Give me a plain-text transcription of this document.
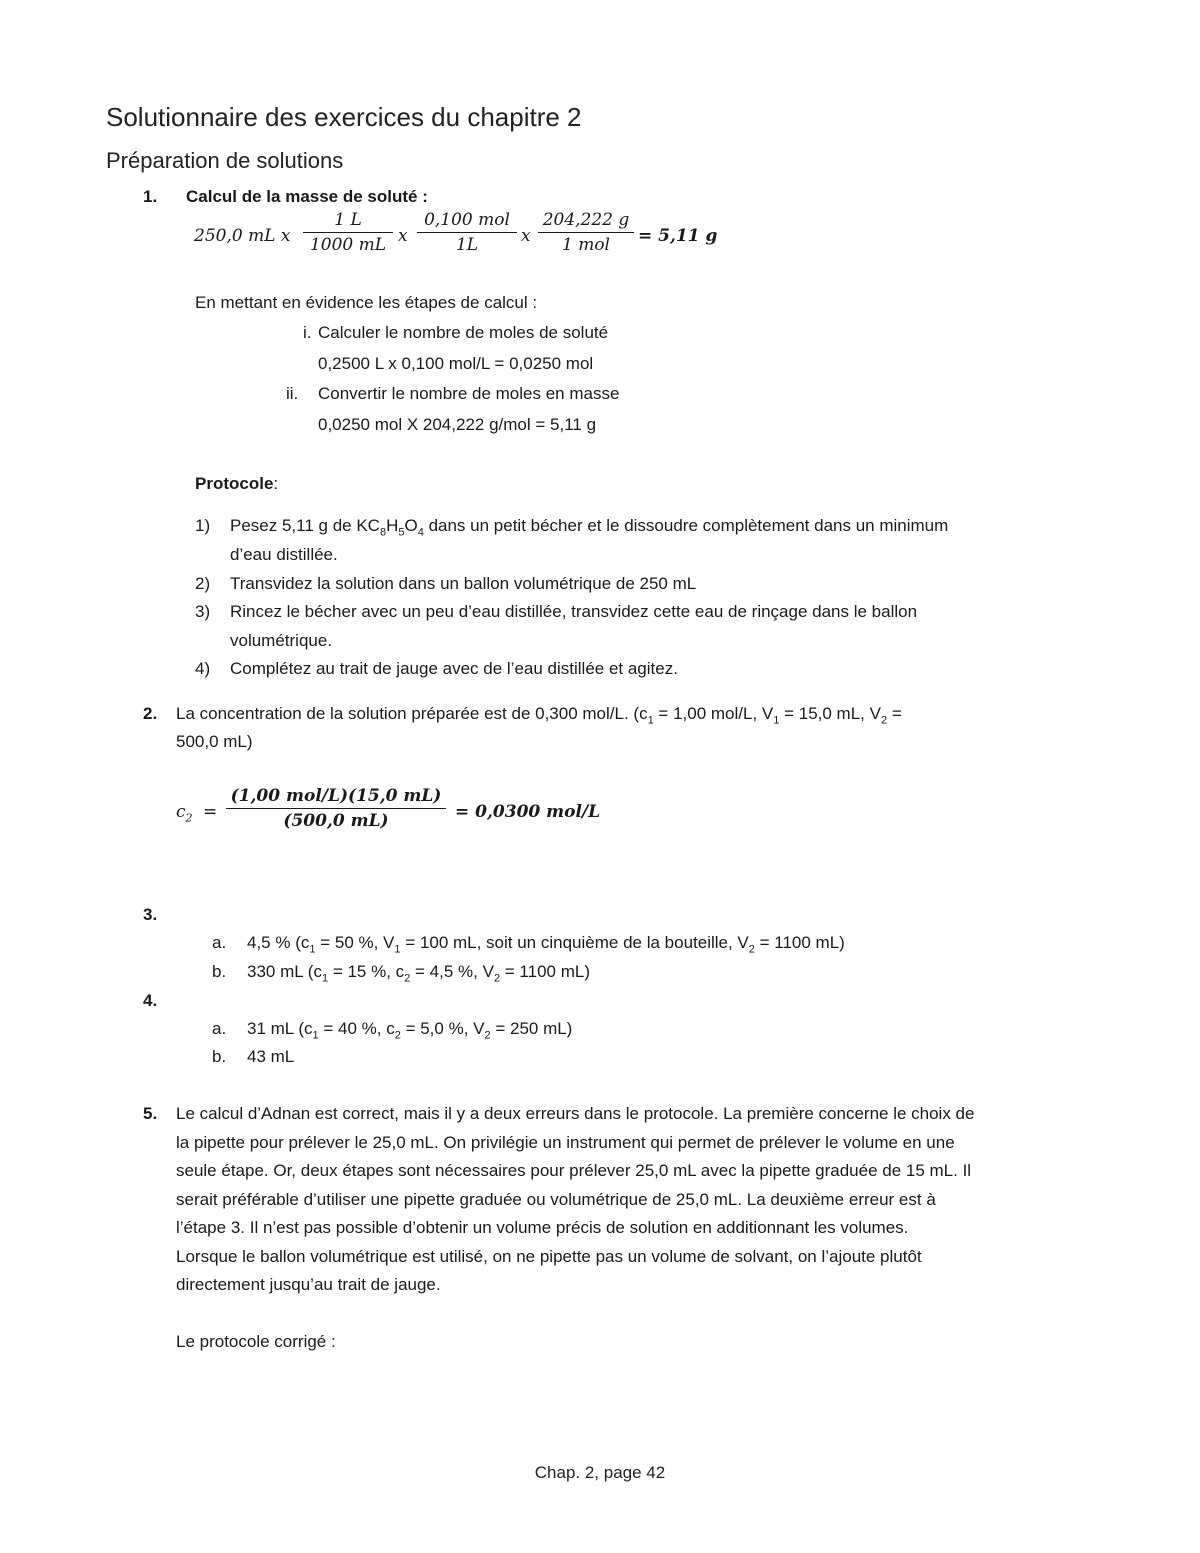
Solutionnaire des exercices du chapitre 2
Préparation de solutions
1. Calcul de la masse de soluté :
250,0 mL x
1 L
1000 mL x
0,100 mol
1L	x
204,222 g
1 mol	= 5,11 g
En mettant en évidence les étapes de calcul :
i. Calculer le nombre de moles de soluté
0,2500 L x 0,100 mol/L = 0,0250 mol
ii. Convertir le nombre de moles en masse
0,0250 mol X 204,222 g/mol = 5,11 g
Protocole:
1) Pesez 5,11 g de $KC_8H_5O_4$ dans un petit bécher et le dissoudre complètement dans un minimum
d’eau distillée.
2) Transvidez la solution dans un ballon volumétrique de 250 mL
3) Rincez le bécher avec un peu d’eau distillée, transvidez cette eau de rinçage dans le ballon
volumétrique.
4) Complétez au trait de jauge avec de l’eau distillée et agitez.
2. La concentration de la solution préparée est de 0,300 mol/L. ($c_1 = 1,00$ mol/L, $V_1 = 15,0$ mL, $V_2$ =
500,0 mL)
$c_2$ =
(1,00 mol/L)(15,0 mL)
(500,0 mL)	= 0,0300 mol/L
3.
a. 4,5 % ($c_1 = 50$ %, $V_1 = 100$ mL, soit un cinquième de la bouteille, $V_2 = 1100$ mL)
b. 330 mL ($c_1 = 15$ %, $c_2 = 4,5$ %, $V_2 = 1100$ mL)
4.
a. 31 mL ($c_1 = 40$ %, $c_2 = 5,0$ %, $V_2 = 250$ mL)
b. 43 mL
5. Le calcul d’Adnan est correct, mais il y a deux erreurs dans le protocole. La première concerne le choix de
la pipette pour prélever le 25,0 mL. On privilégie un instrument qui permet de prélever le volume en une
seule étape. Or, deux étapes sont nécessaires pour prélever 25,0 mL avec la pipette graduée de 15 mL. Il
serait préférable d’utiliser une pipette graduée ou volumétrique de 25,0 mL. La deuxième erreur est à
l’étape 3. Il n’est pas possible d’obtenir un volume précis de solution en additionnant les volumes.
Lorsque le ballon volumétrique est utilisé, on ne pipette pas un volume de solvant, on l’ajoute plutôt
directement jusqu’au trait de jauge.
Le protocole corrigé :
Chap. 2, page 42
